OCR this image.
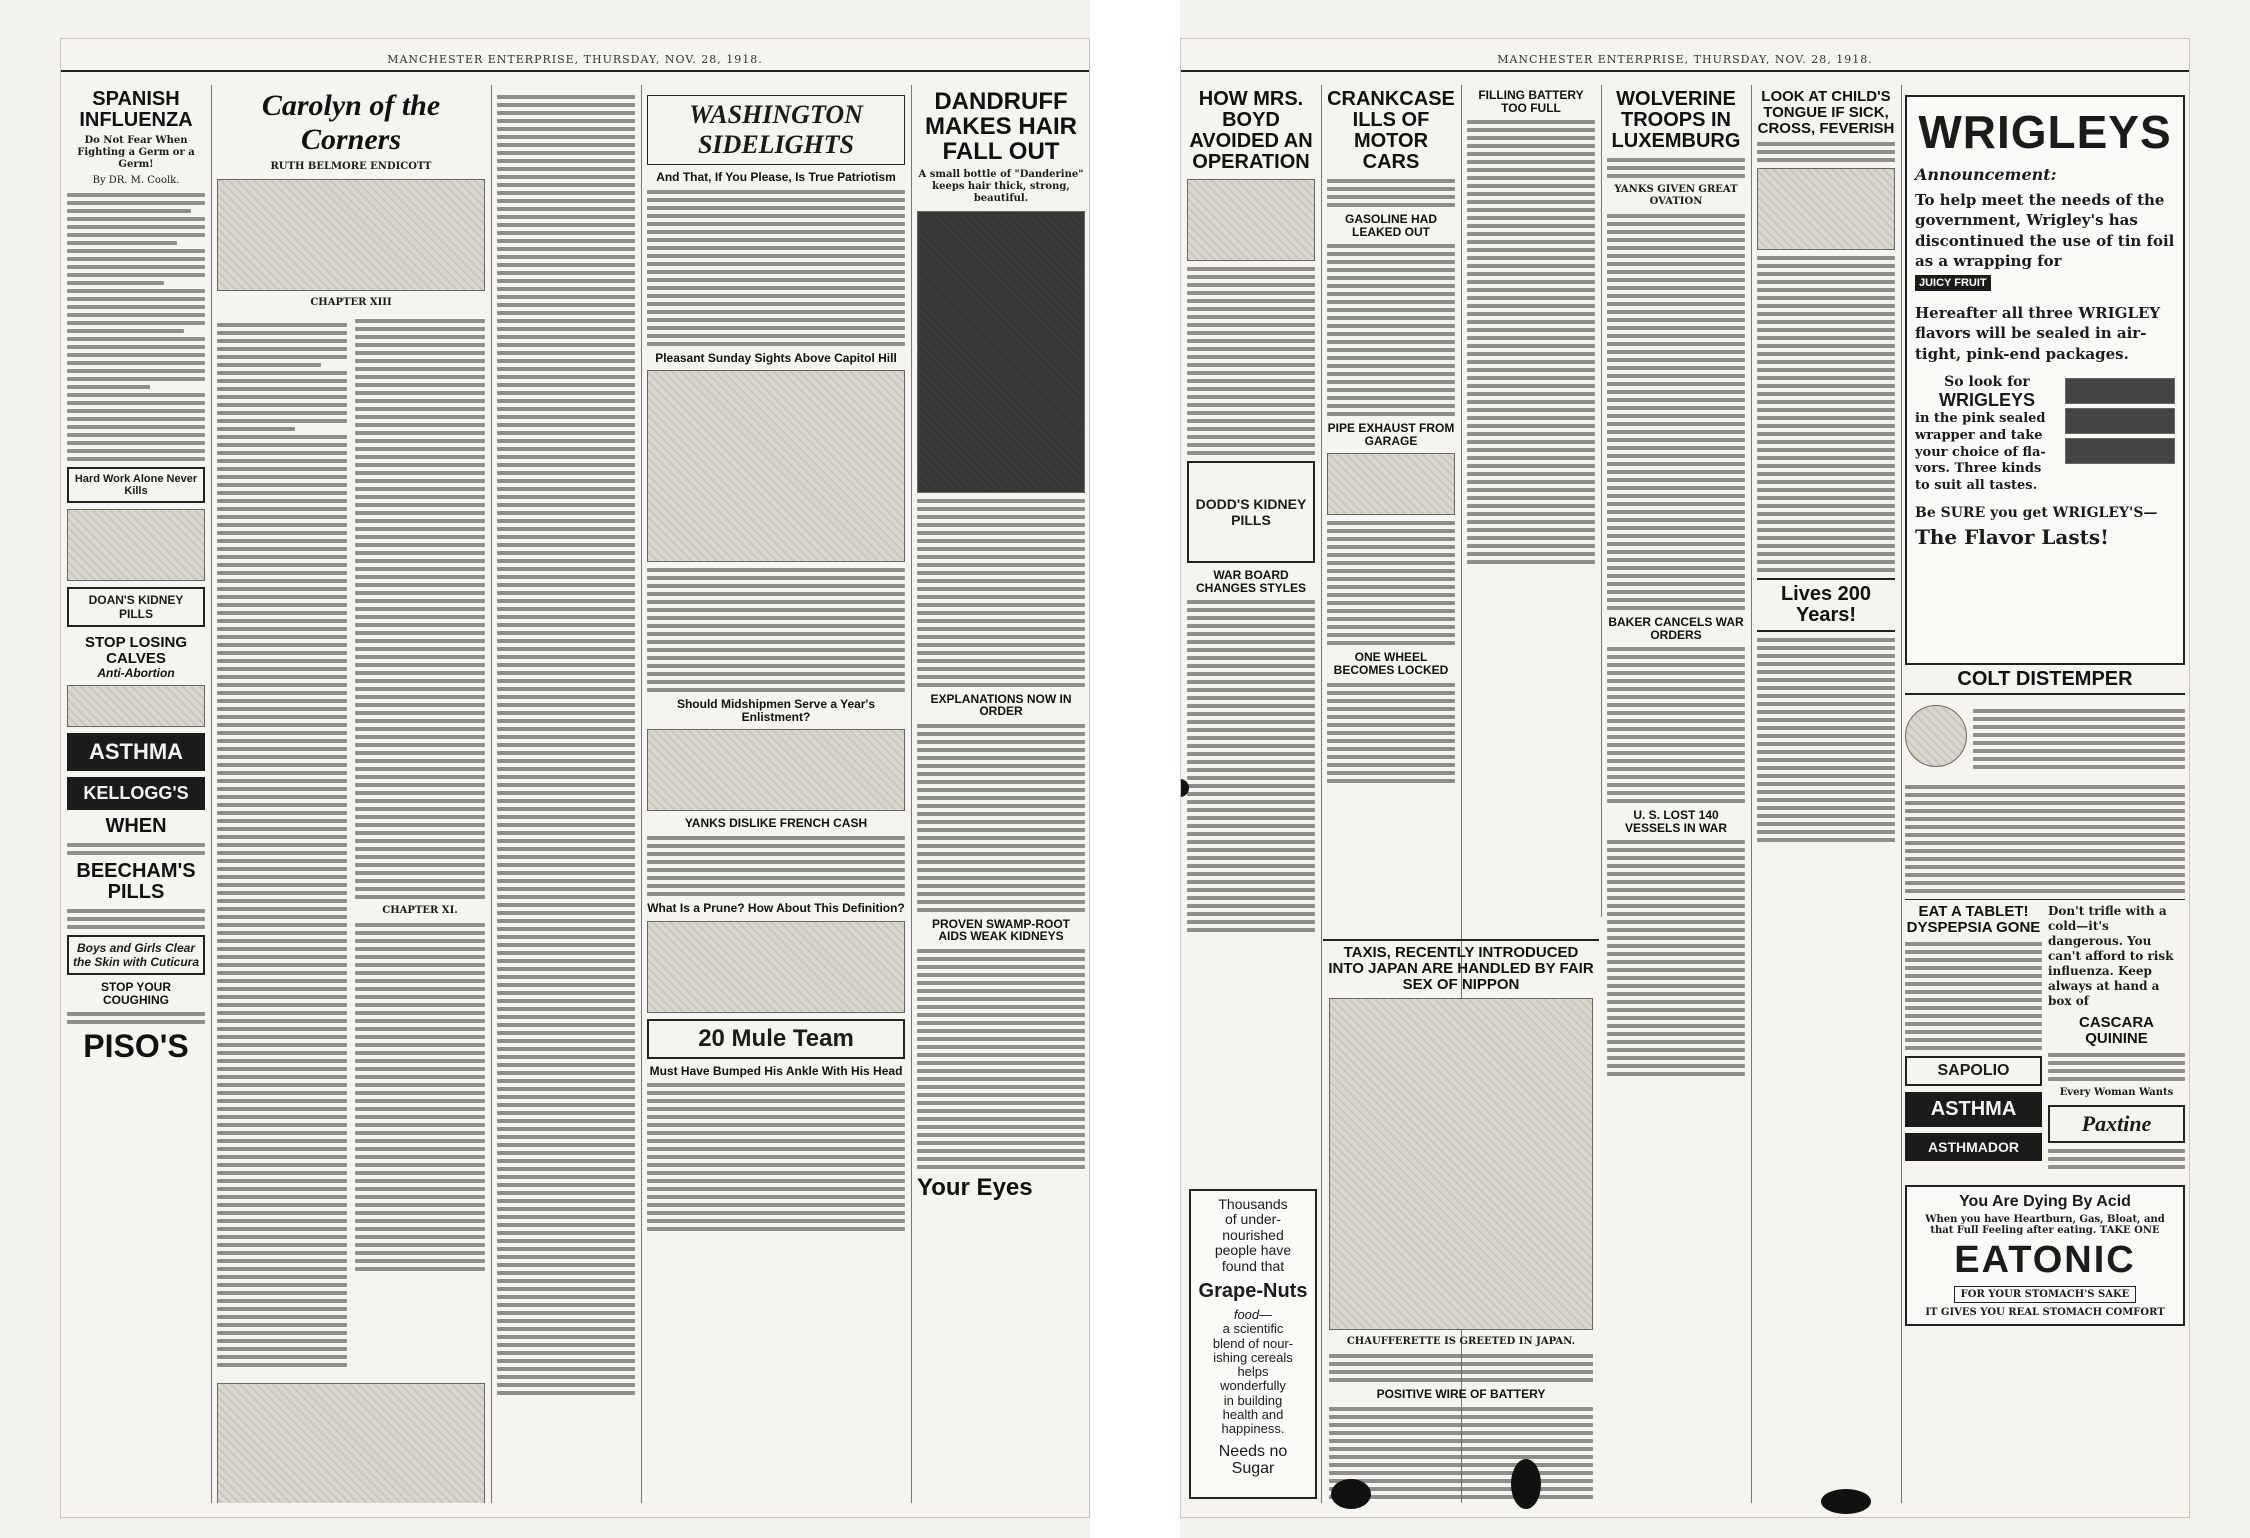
MANCHESTER ENTERPRISE, THURSDAY, NOV. 28, 1918.
SPANISH INFLUENZA
Do Not Fear When Fighting a Germ or a Germ!
By DR. M. Coolk.
Hard Work Alone Never Kills
DOAN'S KIDNEY PILLS
STOP LOSING CALVES
Anti-Abortion
ASTHMA
KELLOGG'S
WHEN
BEECHAM'S PILLS
Boys and Girls Clear the Skin with Cuticura
STOP YOUR COUGHING
PISO'S
Carolyn of the Corners
RUTH BELMORE ENDICOTT
CHAPTER XIII
CHAPTER XI.
WASHINGTON SIDELIGHTS
And That, If You Please, Is True Patriotism
Pleasant Sunday Sights Above Capitol Hill
Should Midshipmen Serve a Year's Enlistment?
YANKS DISLIKE FRENCH CASH
What Is a Prune? How About This Definition?
20 Mule Team
Must Have Bumped His Ankle With His Head
DANDRUFF MAKES HAIR FALL OUT
A small bottle of "Danderine" keeps hair thick, strong, beautiful.
EXPLANATIONS NOW IN ORDER
PROVEN SWAMP-ROOT AIDS WEAK KIDNEYS
Your Eyes
MANCHESTER ENTERPRISE, THURSDAY, NOV. 28, 1918.
HOW MRS. BOYD AVOIDED AN OPERATION
DODD'S KIDNEY PILLS
WAR BOARD CHANGES STYLES
Thousands
of under-
nourished
people have
found that
Grape-Nuts
food—
a scientific
blend of nour-
ishing cereals
helps
wonderfully
in building
health and
happiness.
Needs no
Sugar
CRANKCASE ILLS OF MOTOR CARS
GASOLINE HAD LEAKED OUT
PIPE EXHAUST FROM GARAGE
ONE WHEEL BECOMES LOCKED
FILLING BATTERY TOO FULL
TAXIS, RECENTLY INTRODUCED INTO JAPAN ARE HANDLED BY FAIR SEX OF NIPPON
CHAUFFERETTE IS GREETED IN JAPAN.
POSITIVE WIRE OF BATTERY
WOLVERINE TROOPS IN LUXEMBURG
YANKS GIVEN GREAT OVATION
BAKER CANCELS WAR ORDERS
U. S. LOST 140 VESSELS IN WAR
LOOK AT CHILD'S TONGUE IF SICK, CROSS, FEVERISH
Lives 200 Years!
WRIGLEYS
Announcement:
To help meet the needs of the government, Wrigley's has discontinued the use of tin foil as a wrapping for
JUICY FRUIT
Hereafter all three WRIGLEY flavors will be sealed in air-tight, pink-end packages.
So look for
WRIGLEYS
in the pink sealed wrapper and take your choice of fla-vors. Three kinds to suit all tastes.
Be SURE you get WRIGLEY'S—
The Flavor Lasts!
COLT DISTEMPER
EAT A TABLET! DYSPEPSIA GONE
SAPOLIO
ASTHMA
ASTHMADOR
Don't trifle with a cold—it's dangerous. You can't afford to risk influenza. Keep always at hand a box of
CASCARA QUININE
Every Woman Wants
Paxtine
You Are Dying By Acid
When you have Heartburn, Gas, Bloat, and that Full Feeling after eating. TAKE ONE
EATONIC
FOR YOUR STOMACH'S SAKE
IT GIVES YOU REAL STOMACH COMFORT
